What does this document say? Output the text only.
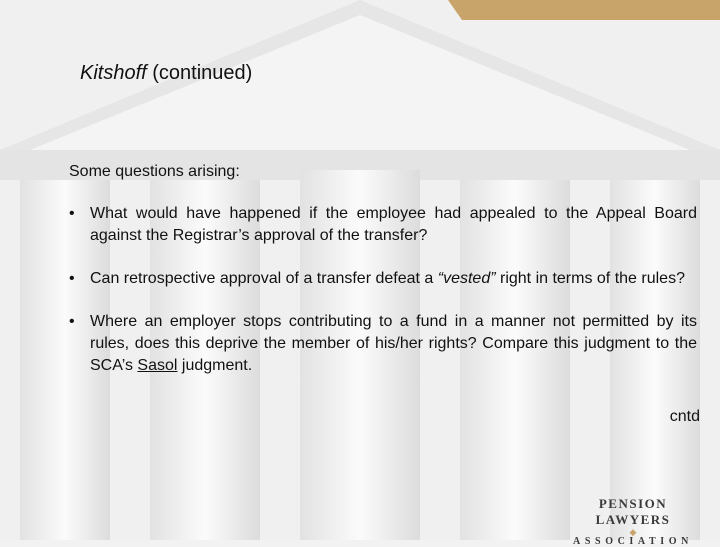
Kitshoff (continued)
Some questions arising:
• What would have happened if the employee had appealed to the Appeal Board against the Registrar’s approval of the transfer?
• Can retrospective approval of a transfer defeat a “vested” right in terms of the rules?
• Where an employer stops contributing to a fund in a manner not permitted by its rules, does this deprive the member of his/her rights? Compare this judgment to the SCA’s Sasol judgment.
cntd
PENSION LAWYERS
◆
ASSOCIATION
